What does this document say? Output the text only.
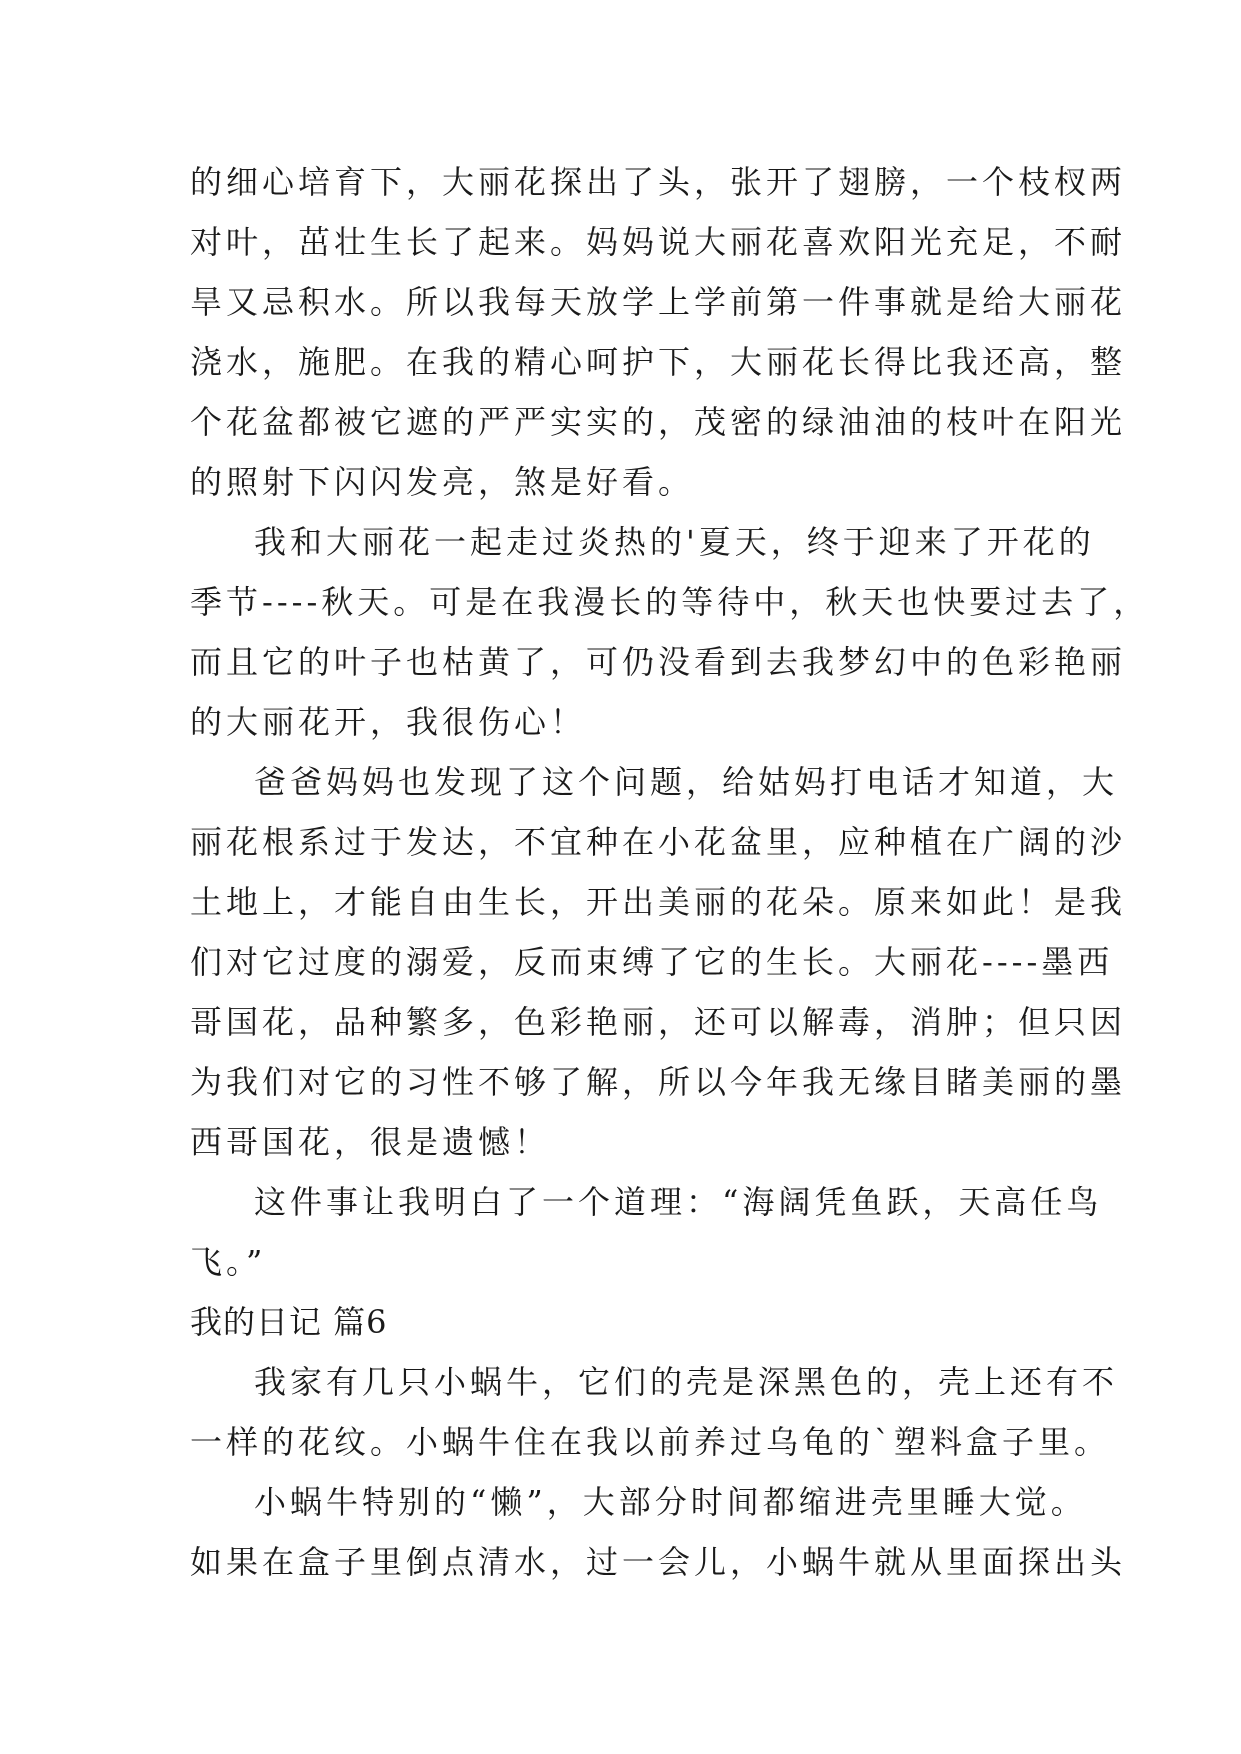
的细心培育下，大丽花探出了头，张开了翅膀，一个枝杈两
对叶，茁壮生长了起来。妈妈说大丽花喜欢阳光充足，不耐
旱又忌积水。所以我每天放学上学前第一件事就是给大丽花
浇水，施肥。在我的精心呵护下，大丽花长得比我还高，整
个花盆都被它遮的严严实实的，茂密的绿油油的枝叶在阳光
的照射下闪闪发亮，煞是好看。
我和大丽花一起走过炎热的'夏天，终于迎来了开花的
季节----秋天。可是在我漫长的等待中，秋天也快要过去了，
而且它的叶子也枯黄了，可仍没看到去我梦幻中的色彩艳丽
的大丽花开，我很伤心！
爸爸妈妈也发现了这个问题，给姑妈打电话才知道，大
丽花根系过于发达，不宜种在小花盆里，应种植在广阔的沙
土地上，才能自由生长，开出美丽的花朵。原来如此！是我
们对它过度的溺爱，反而束缚了它的生长。大丽花----墨西
哥国花，品种繁多，色彩艳丽，还可以解毒，消肿；但只因
为我们对它的习性不够了解，所以今年我无缘目睹美丽的墨
西哥国花，很是遗憾！
这件事让我明白了一个道理：“海阔凭鱼跃，天高任鸟
飞。”
我的日记 篇6
我家有几只小蜗牛，它们的壳是深黑色的，壳上还有不
一样的花纹。小蜗牛住在我以前养过乌龟的`塑料盒子里。
小蜗牛特别的“懒”，大部分时间都缩进壳里睡大觉。
如果在盒子里倒点清水，过一会儿，小蜗牛就从里面探出头
